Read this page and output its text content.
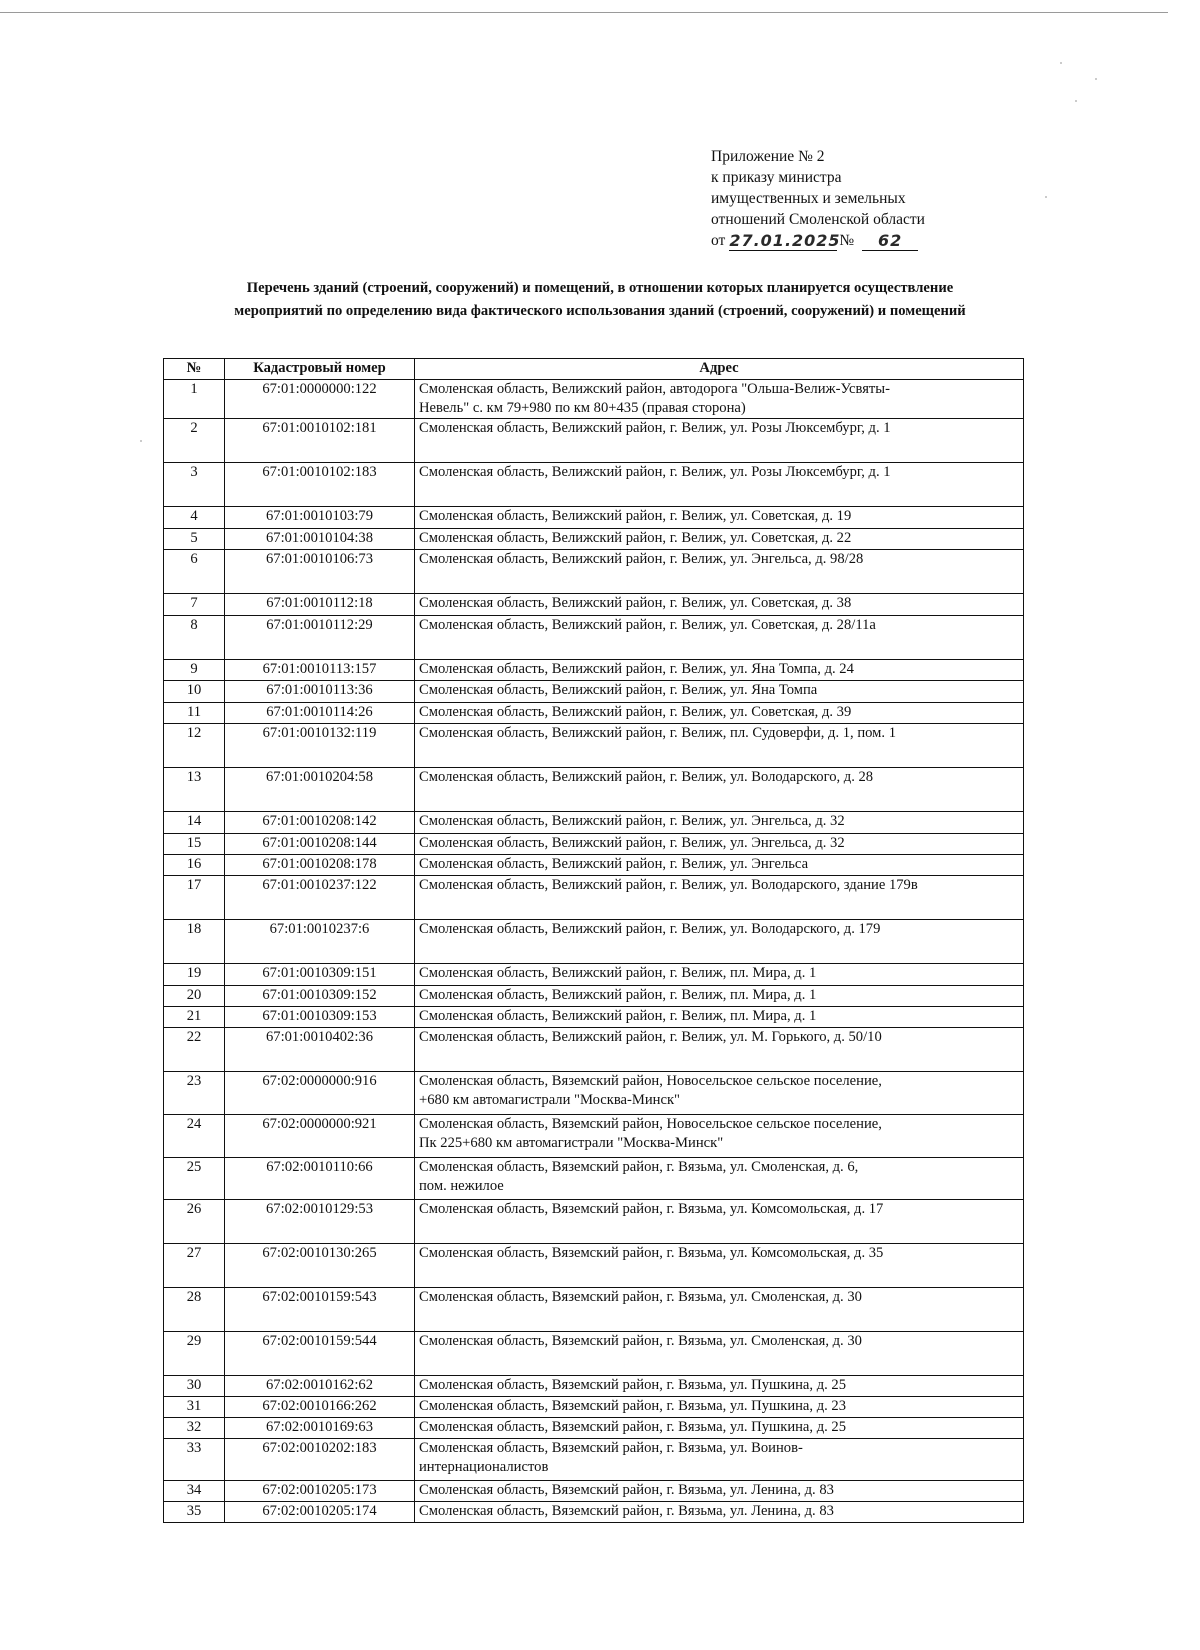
Приложение № 2
к приказу министра
имущественных и земельных
отношений Смоленской области
от 27.01.2025
№	62
Перечень зданий (строений, сооружений) и помещений, в отношении которых планируется осуществление
мероприятий по определению вида фактического использования зданий (строений, сооружений) и помещений
№	Кадастровый номер	Адрес
1	67:01:0000000:122	Смоленская область, Велижский район, автодорога "Ольша-Велиж-Усвяты-
Невель" с. км 79+980 по км 80+435 (правая сторона)

2	67:01:0010102:181	Смоленская область, Велижский район, г. Велиж, ул. Розы Люксембург, д. 1

3	67:01:0010102:183	Смоленская область, Велижский район, г. Велиж, ул. Розы Люксембург, д. 1

4	67:01:0010103:79	Смоленская область, Велижский район, г. Велиж, ул. Советская, д. 19

5	67:01:0010104:38	Смоленская область, Велижский район, г. Велиж, ул. Советская, д. 22

6	67:01:0010106:73	Смоленская область, Велижский район, г. Велиж, ул. Энгельса, д. 98/28

7	67:01:0010112:18	Смоленская область, Велижский район, г. Велиж, ул. Советская, д. 38

8	67:01:0010112:29	Смоленская область, Велижский район, г. Велиж, ул. Советская, д. 28/11а

9	67:01:0010113:157	Смоленская область, Велижский район, г. Велиж, ул. Яна Томпа, д. 24

10	67:01:0010113:36	Смоленская область, Велижский район, г. Велиж, ул. Яна Томпа

11	67:01:0010114:26	Смоленская область, Велижский район, г. Велиж, ул. Советская, д. 39

12	67:01:0010132:119	Смоленская область, Велижский район, г. Велиж, пл. Судоверфи, д. 1, пом. 1

13	67:01:0010204:58	Смоленская область, Велижский район, г. Велиж, ул. Володарского, д. 28

14	67:01:0010208:142	Смоленская область, Велижский район, г. Велиж, ул. Энгельса, д. 32

15	67:01:0010208:144	Смоленская область, Велижский район, г. Велиж, ул. Энгельса, д. 32

16	67:01:0010208:178	Смоленская область, Велижский район, г. Велиж, ул. Энгельса

17	67:01:0010237:122	Смоленская область, Велижский район, г. Велиж, ул. Володарского, здание 179в

18	67:01:0010237:6	Смоленская область, Велижский район, г. Велиж, ул. Володарского, д. 179

19	67:01:0010309:151	Смоленская область, Велижский район, г. Велиж, пл. Мира, д. 1

20	67:01:0010309:152	Смоленская область, Велижский район, г. Велиж, пл. Мира, д. 1

21	67:01:0010309:153	Смоленская область, Велижский район, г. Велиж, пл. Мира, д. 1

22	67:01:0010402:36	Смоленская область, Велижский район, г. Велиж, ул. М. Горького, д. 50/10

23	67:02:0000000:916	Смоленская область, Вяземский район, Новосельское сельское поселение,
+680 км автомагистрали "Москва-Минск"

24	67:02:0000000:921	Смоленская область, Вяземский район, Новосельское сельское поселение,
Пк 225+680 км автомагистрали "Москва-Минск"

25	67:02:0010110:66	Смоленская область, Вяземский район, г. Вязьма, ул. Смоленская, д. 6,
пом. нежилое

26	67:02:0010129:53	Смоленская область, Вяземский район, г. Вязьма, ул. Комсомольская, д. 17

27	67:02:0010130:265	Смоленская область, Вяземский район, г. Вязьма, ул. Комсомольская, д. 35

28	67:02:0010159:543	Смоленская область, Вяземский район, г. Вязьма, ул. Смоленская, д. 30

29	67:02:0010159:544	Смоленская область, Вяземский район, г. Вязьма, ул. Смоленская, д. 30

30	67:02:0010162:62	Смоленская область, Вяземский район, г. Вязьма, ул. Пушкина, д. 25

31	67:02:0010166:262	Смоленская область, Вяземский район, г. Вязьма, ул. Пушкина, д. 23

32	67:02:0010169:63	Смоленская область, Вяземский район, г. Вязьма, ул. Пушкина, д. 25

33	67:02:0010202:183	Смоленская область, Вяземский район, г. Вязьма, ул. Воинов-
интернационалистов

34	67:02:0010205:173	Смоленская область, Вяземский район, г. Вязьма, ул. Ленина, д. 83

35	67:02:0010205:174	Смоленская область, Вяземский район, г. Вязьма, ул. Ленина, д. 83
